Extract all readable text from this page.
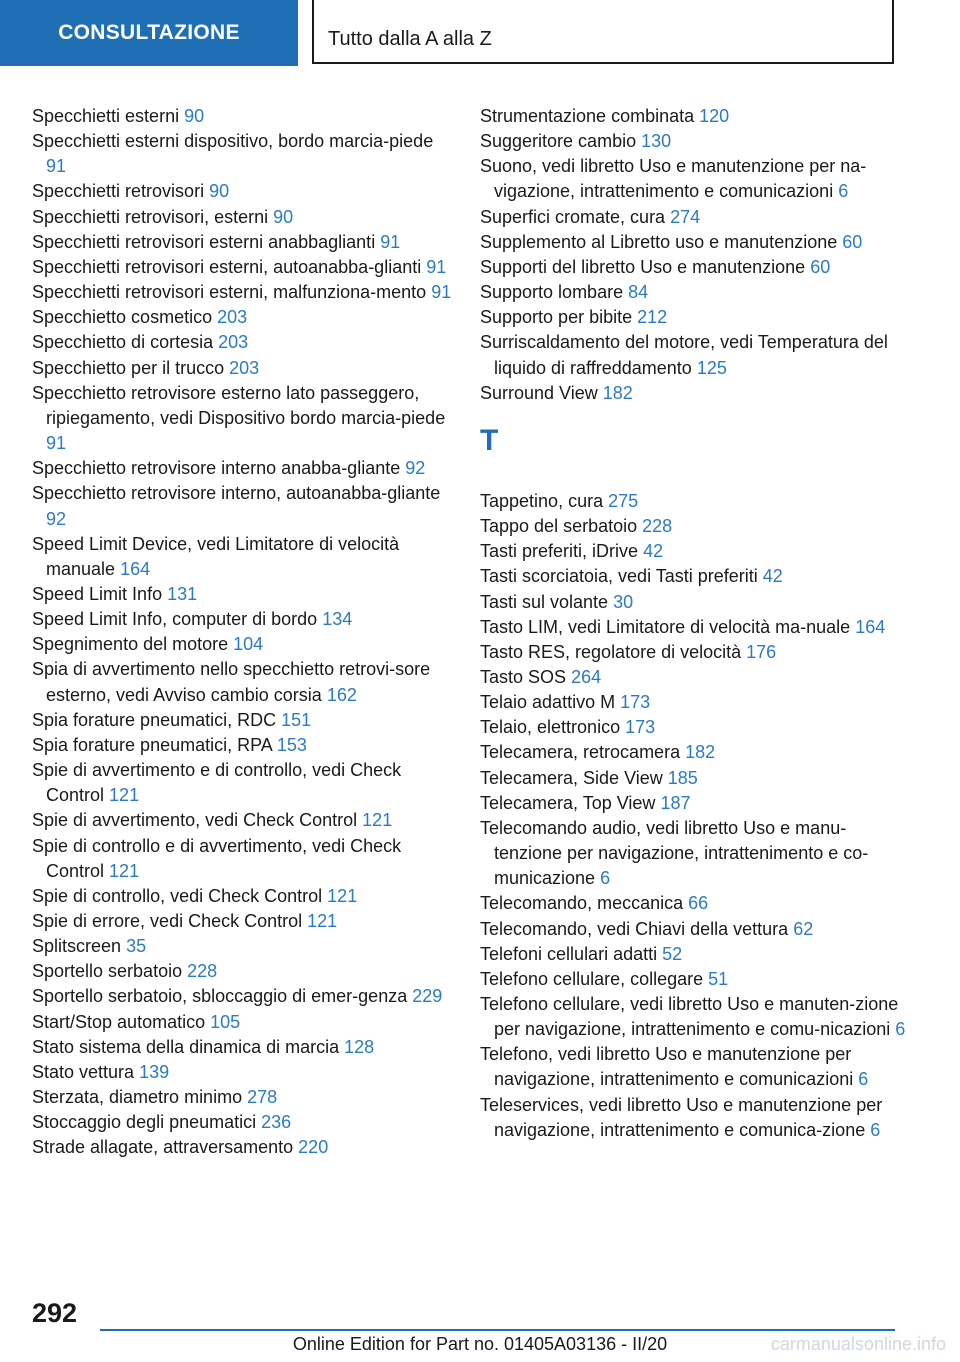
CONSULTAZIONE	Tutto dalla A alla Z

Specchietti esterni 90

Specchietti esterni dispositivo, bordo marcia-piede 91

Specchietti retrovisori 90

Specchietti retrovisori, esterni 90

Specchietti retrovisori esterni anabbaglianti 91

Specchietti retrovisori esterni, autoanabba-glianti 91

Specchietti retrovisori esterni, malfunziona-mento 91

Specchietto cosmetico 203

Specchietto di cortesia 203

Specchietto per il trucco 203

Specchietto retrovisore esterno lato passeggero, ripiegamento, vedi Dispositivo bordo marcia-piede 91

Specchietto retrovisore interno anabba-gliante 92

Specchietto retrovisore interno, autoanabba-gliante 92

Speed Limit Device, vedi Limitatore di velocità manuale 164

Speed Limit Info 131

Speed Limit Info, computer di bordo 134

Spegnimento del motore 104

Spia di avvertimento nello specchietto retrovi-sore esterno, vedi Avviso cambio corsia 162

Spia forature pneumatici, RDC 151

Spia forature pneumatici, RPA 153

Spie di avvertimento e di controllo, vedi Check Control 121

Spie di avvertimento, vedi Check Control 121

Spie di controllo e di avvertimento, vedi Check Control 121

Spie di controllo, vedi Check Control 121

Spie di errore, vedi Check Control 121

Splitscreen 35

Sportello serbatoio 228

Sportello serbatoio, sbloccaggio di emer-genza 229

Start/Stop automatico 105

Stato sistema della dinamica di marcia 128

Stato vettura 139

Sterzata, diametro minimo 278

Stoccaggio degli pneumatici 236

Strade allagate, attraversamento 220

Strumentazione combinata 120

Suggeritore cambio 130

Suono, vedi libretto Uso e manutenzione per na-vigazione, intrattenimento e comunicazioni 6

Superfici cromate, cura 274

Supplemento al Libretto uso e manutenzione 60

Supporti del libretto Uso e manutenzione 60

Supporto lombare 84

Supporto per bibite 212

Surriscaldamento del motore, vedi Temperatura del liquido di raffreddamento 125

Surround View 182

T

Tappetino, cura 275

Tappo del serbatoio 228

Tasti preferiti, iDrive 42

Tasti scorciatoia, vedi Tasti preferiti 42

Tasti sul volante 30

Tasto LIM, vedi Limitatore di velocità ma-nuale 164

Tasto RES, regolatore di velocità 176

Tasto SOS 264

Telaio adattivo M 173

Telaio, elettronico 173

Telecamera, retrocamera 182

Telecamera, Side View 185

Telecamera, Top View 187

Telecomando audio, vedi libretto Uso e manu-tenzione per navigazione, intrattenimento e co-municazione 6

Telecomando, meccanica 66

Telecomando, vedi Chiavi della vettura 62

Telefoni cellulari adatti 52

Telefono cellulare, collegare 51

Telefono cellulare, vedi libretto Uso e manuten-zione per navigazione, intrattenimento e comu-nicazioni 6

Telefono, vedi libretto Uso e manutenzione per navigazione, intrattenimento e comunicazioni 6

Teleservices, vedi libretto Uso e manutenzione per navigazione, intrattenimento e comunica-zione 6

292
Online Edition for Part no. 01405A03136 - II/20	carmanualsonline.info
